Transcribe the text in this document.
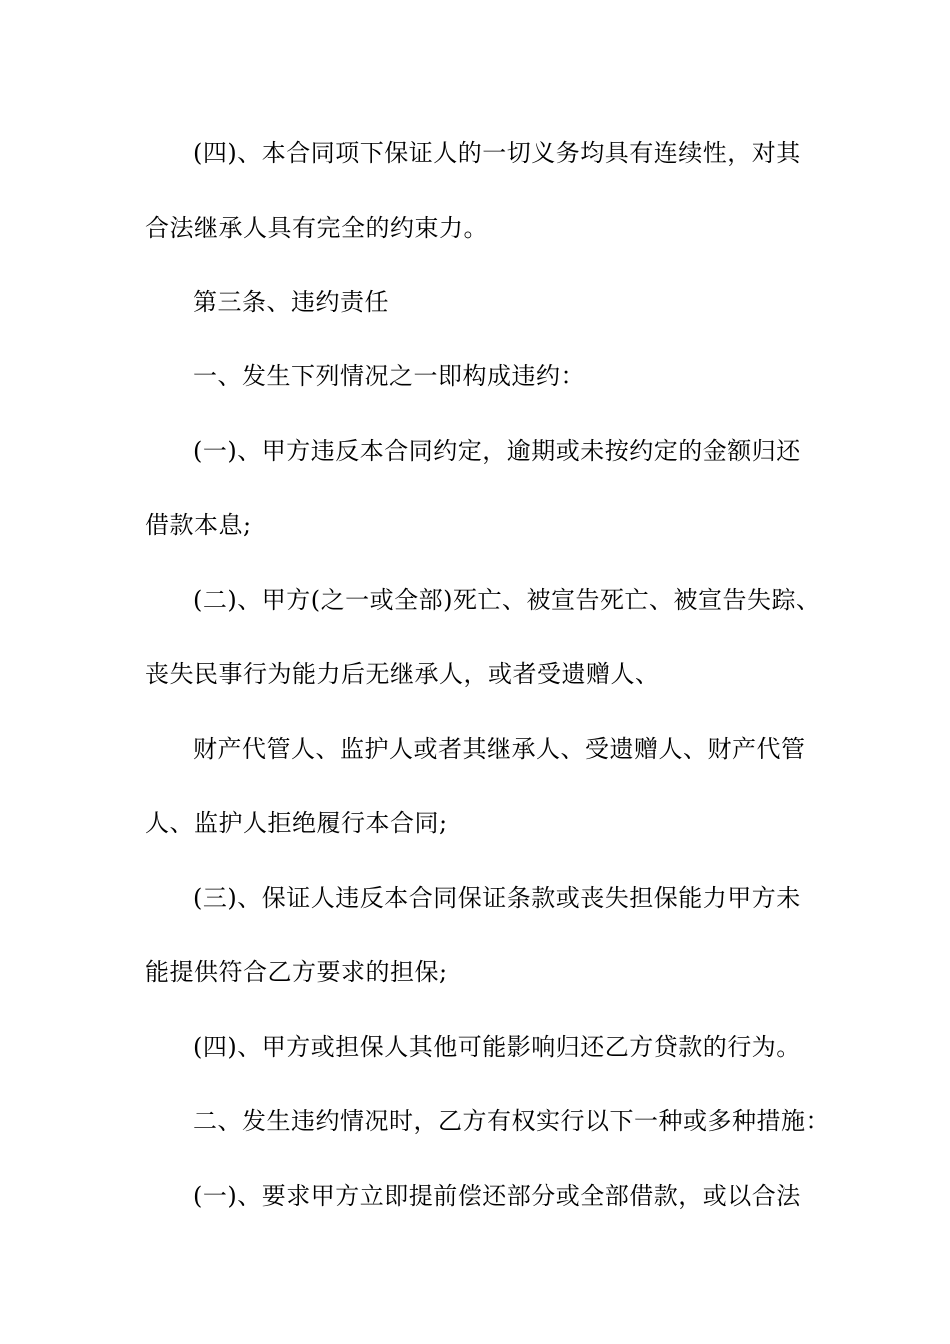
(四)、本合同项下保证人的一切义务均具有连续性，对其
合法继承人具有完全的约束力。
第三条、违约责任
一、发生下列情况之一即构成违约：
(一)、甲方违反本合同约定，逾期或未按约定的金额归还
借款本息;
(二)、甲方(之一或全部)死亡、被宣告死亡、被宣告失踪、
丧失民事行为能力后无继承人，或者受遗赠人、
财产代管人、监护人或者其继承人、受遗赠人、财产代管
人、监护人拒绝履行本合同;
(三)、保证人违反本合同保证条款或丧失担保能力甲方未
能提供符合乙方要求的担保;
(四)、甲方或担保人其他可能影响归还乙方贷款的行为。
二、发生违约情况时，乙方有权实行以下一种或多种措施：
(一)、要求甲方立即提前偿还部分或全部借款，或以合法
